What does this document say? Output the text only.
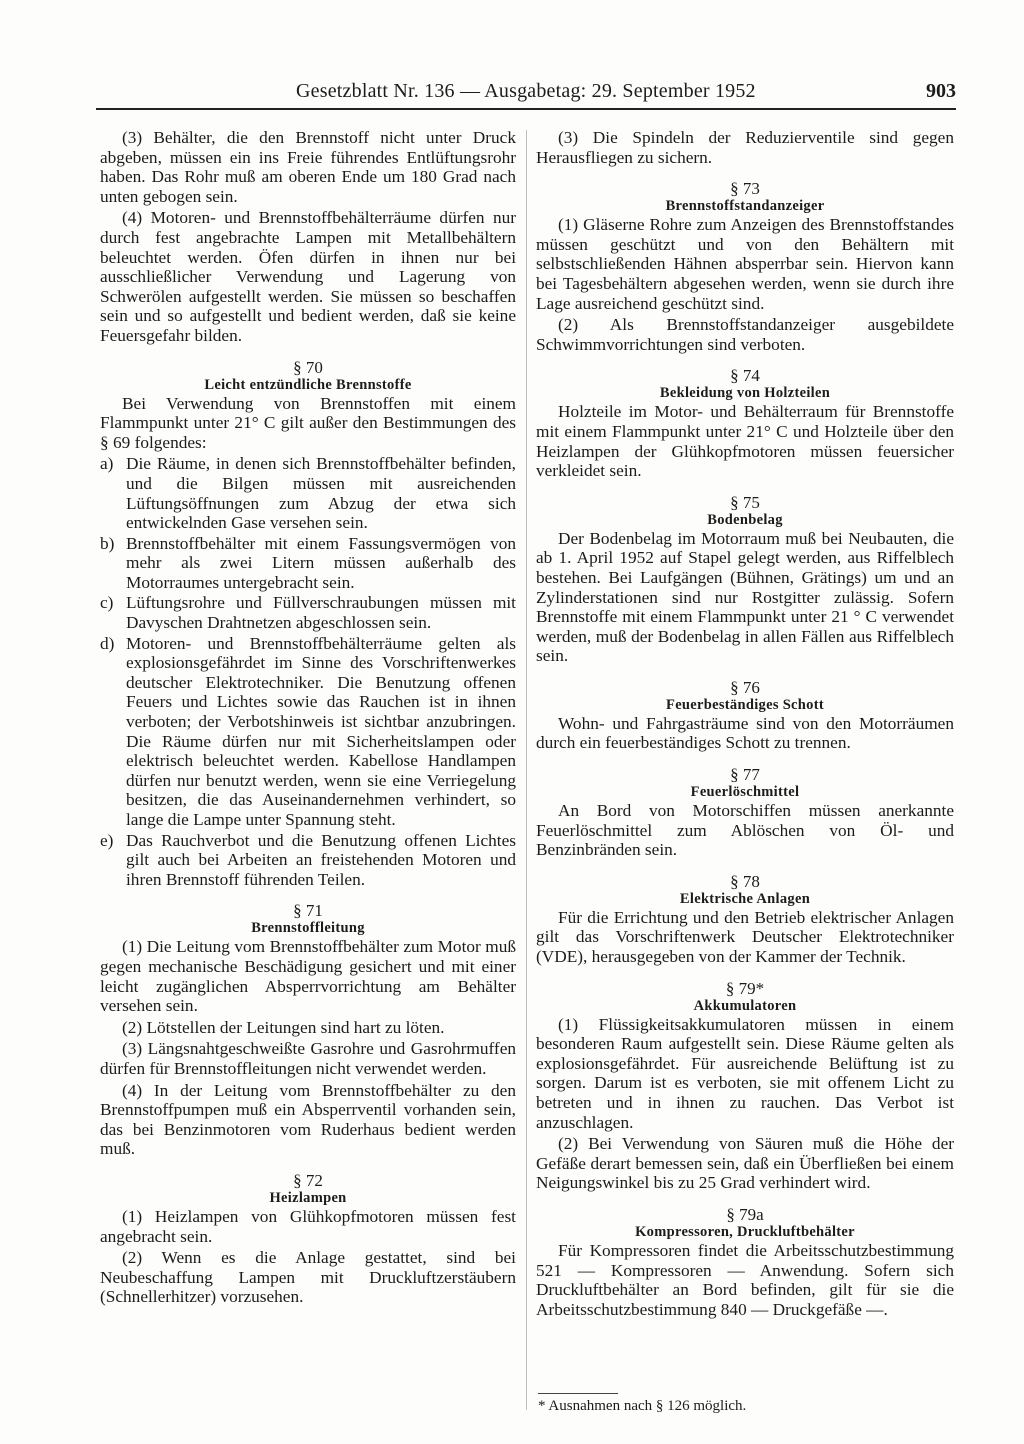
Gesetzblatt Nr. 136 — Ausgabetag: 29. September 1952	903

(3) Behälter, die den Brennstoff nicht unter Druck abgeben, müssen ein ins Freie führendes Entlüftungsrohr haben. Das Rohr muß am oberen Ende um 180 Grad nach unten gebogen sein.

(4) Motoren- und Brennstoffbehälterräume dürfen nur durch fest angebrachte Lampen mit Metallbehältern beleuchtet werden. Öfen dürfen in ihnen nur bei ausschließlicher Verwendung und Lagerung von Schwerölen aufgestellt werden. Sie müssen so beschaffen sein und so aufgestellt und bedient werden, daß sie keine Feuersgefahr bilden.

§ 70
Leicht entzündliche Brennstoffe

Bei Verwendung von Brennstoffen mit einem Flammpunkt unter 21° C gilt außer den Bestimmungen des § 69 folgendes:

a) Die Räume, in denen sich Brennstoffbehälter befinden, und die Bilgen müssen mit ausreichenden Lüftungsöffnungen zum Abzug der etwa sich entwickelnden Gase versehen sein.
b) Brennstoffbehälter mit einem Fassungsvermögen von mehr als zwei Litern müssen außerhalb des Motorraumes untergebracht sein.
c) Lüftungsrohre und Füllverschraubungen müssen mit Davyschen Drahtnetzen abgeschlossen sein.
d) Motoren- und Brennstoffbehälterräume gelten als explosionsgefährdet im Sinne des Vorschriftenwerkes deutscher Elektrotechniker. Die Benutzung offenen Feuers und Lichtes sowie das Rauchen ist in ihnen verboten; der Verbotshinweis ist sichtbar anzubringen. Die Räume dürfen nur mit Sicherheitslampen oder elektrisch beleuchtet werden. Kabellose Handlampen dürfen nur benutzt werden, wenn sie eine Verriegelung besitzen, die das Auseinandernehmen verhindert, so lange die Lampe unter Spannung steht.
e) Das Rauchverbot und die Benutzung offenen Lichtes gilt auch bei Arbeiten an freistehenden Motoren und ihren Brennstoff führenden Teilen.
§ 71
Brennstoffleitung

(1) Die Leitung vom Brennstoffbehälter zum Motor muß gegen mechanische Beschädigung gesichert und mit einer leicht zugänglichen Absperrvorrichtung am Behälter versehen sein.

(2) Lötstellen der Leitungen sind hart zu löten.

(3) Längsnahtgeschweißte Gasrohre und Gasrohrmuffen dürfen für Brennstoffleitungen nicht verwendet werden.

(4) In der Leitung vom Brennstoffbehälter zu den Brennstoffpumpen muß ein Absperrventil vorhanden sein, das bei Benzinmotoren vom Ruderhaus bedient werden muß.

§ 72
Heizlampen

(1) Heizlampen von Glühkopfmotoren müssen fest angebracht sein.

(2) Wenn es die Anlage gestattet, sind bei Neubeschaffung Lampen mit Druckluftzerstäubern (Schnellerhitzer) vorzusehen.

(3) Die Spindeln der Reduzierventile sind gegen Herausfliegen zu sichern.

§ 73
Brennstoffstandanzeiger

(1) Gläserne Rohre zum Anzeigen des Brennstoffstandes müssen geschützt und von den Behältern mit selbstschließenden Hähnen absperrbar sein. Hiervon kann bei Tagesbehältern abgesehen werden, wenn sie durch ihre Lage ausreichend geschützt sind.

(2) Als Brennstoffstandanzeiger ausgebildete Schwimmvorrichtungen sind verboten.

§ 74
Bekleidung von Holzteilen

Holzteile im Motor- und Behälterraum für Brennstoffe mit einem Flammpunkt unter 21° C und Holzteile über den Heizlampen der Glühkopfmotoren müssen feuersicher verkleidet sein.

§ 75
Bodenbelag

Der Bodenbelag im Motorraum muß bei Neubauten, die ab 1. April 1952 auf Stapel gelegt werden, aus Riffelblech bestehen. Bei Laufgängen (Bühnen, Grätings) um und an Zylinderstationen sind nur Rostgitter zulässig. Sofern Brennstoffe mit einem Flammpunkt unter 21 ° C verwendet werden, muß der Bodenbelag in allen Fällen aus Riffelblech sein.

§ 76
Feuerbeständiges Schott

Wohn- und Fahrgasträume sind von den Motorräumen durch ein feuerbeständiges Schott zu trennen.

§ 77
Feuerlöschmittel

An Bord von Motorschiffen müssen anerkannte Feuerlöschmittel zum Ablöschen von Öl- und Benzinbränden sein.

§ 78
Elektrische Anlagen

Für die Errichtung und den Betrieb elektrischer Anlagen gilt das Vorschriftenwerk Deutscher Elektrotechniker (VDE), herausgegeben von der Kammer der Technik.

§ 79*
Akkumulatoren

(1) Flüssigkeitsakkumulatoren müssen in einem besonderen Raum aufgestellt sein. Diese Räume gelten als explosionsgefährdet. Für ausreichende Belüftung ist zu sorgen. Darum ist es verboten, sie mit offenem Licht zu betreten und in ihnen zu rauchen. Das Verbot ist anzuschlagen.

(2) Bei Verwendung von Säuren muß die Höhe der Gefäße derart bemessen sein, daß ein Überfließen bei einem Neigungswinkel bis zu 25 Grad verhindert wird.

§ 79a
Kompressoren, Druckluftbehälter

Für Kompressoren findet die Arbeitsschutzbestimmung 521 — Kompressoren — Anwendung. Sofern sich Druckluftbehälter an Bord befinden, gilt für sie die Arbeitsschutzbestimmung 840 — Druckgefäße —.

* Ausnahmen nach § 126 möglich.
